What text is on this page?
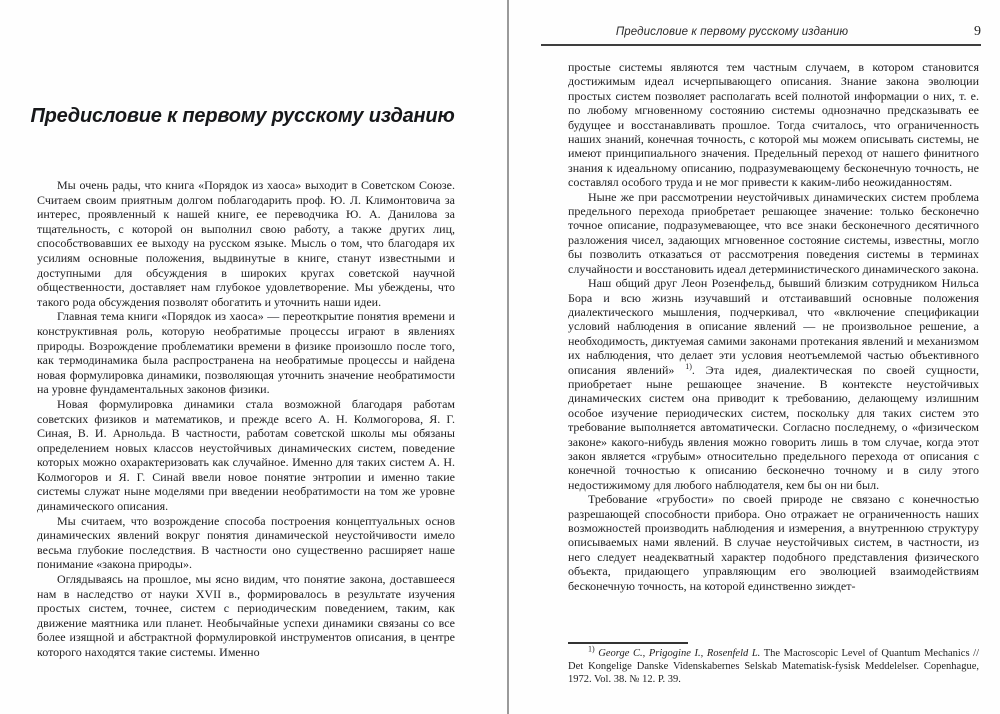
Предисловие к первому русскому изданию

Мы очень рады, что книга «Порядок из хаоса» выходит в Советском Союзе. Считаем своим приятным долгом поблагодарить проф. Ю. Л. Климонтовича за интерес, проявленный к нашей книге, ее переводчика Ю. А. Данилова за тщательность, с которой он выполнил свою работу, а также других лиц, способствовавших ее выходу на русском языке. Мысль о том, что благодаря их усилиям основные положения, выдвинутые в книге, станут известными и доступными для обсуждения в широких кругах советской научной общественности, доставляет нам глубокое удовлетворение. Мы убеждены, что такого рода обсуждения позволят обогатить и уточнить наши идеи.

Главная тема книги «Порядок из хаоса» — переоткрытие понятия времени и конструктивная роль, которую необратимые процессы играют в явлениях природы. Возрождение проблематики времени в физике произошло после того, как термодинамика была распространена на необратимые процессы и найдена новая формулировка динамики, позволяющая уточнить значение необратимости на уровне фундаментальных законов физики.

Новая формулировка динамики стала возможной благодаря работам советских физиков и математиков, и прежде всего А. Н. Колмогорова, Я. Г. Синая, В. И. Арнольда. В частности, работам советской школы мы обязаны определением новых классов неустойчивых динамических систем, поведение которых можно охарактеризовать как случайное. Именно для таких систем А. Н. Колмогоров и Я. Г. Синай ввели новое понятие энтропии и именно такие системы служат ныне моделями при введении необратимости на том же уровне динамического описания.

Мы считаем, что возрождение способа построения концептуальных основ динамических явлений вокруг понятия динамической неустойчивости имело весьма глубокие последствия. В частности оно существенно расширяет наше понимание «закона природы».

Оглядываясь на прошлое, мы ясно видим, что понятие закона, доставшееся нам в наследство от науки XVII в., формировалось в результате изучения простых систем, точнее, систем с периодическим поведением, таким, как движение маятника или планет. Необычайные успехи динамики связаны со все более изящной и абстрактной формулировкой инструментов описания, в центре которого находятся такие системы. Именно

Предисловие к первому русскому изданию	9

простые системы являются тем частным случаем, в котором становится достижимым идеал исчерпывающего описания. Знание закона эволюции простых систем позволяет располагать всей полнотой информации о них, т. е. по любому мгновенному состоянию системы однозначно предсказывать ее будущее и восстанавливать прошлое. Тогда считалось, что ограниченность наших знаний, конечная точность, с которой мы можем описывать системы, не имеют принципиального значения. Предельный переход от нашего финитного знания к идеальному описанию, подразумевающему бесконечную точность, не составлял особого труда и не мог привести к каким-либо неожиданностям.

Ныне же при рассмотрении неустойчивых динамических систем проблема предельного перехода приобретает решающее значение: только бесконечно точное описание, подразумевающее, что все знаки бесконечного десятичного разложения чисел, задающих мгновенное состояние системы, известны, могло бы позволить отказаться от рассмотрения поведения системы в терминах случайности и восстановить идеал детерминистического динамического закона.

Наш общий друг Леон Розенфельд, бывший близким сотрудником Нильса Бора и всю жизнь изучавший и отстаивавший основные положения диалектического мышления, подчеркивал, что «включение спецификации условий наблюдения в описание явлений — не произвольное решение, а необходимость, диктуемая самими законами протекания явлений и механизмом их наблюдения, что делает эти условия неотъемлемой частью объективного описания явлений» $^{1)}$. Эта идея, диалектическая по своей сущности, приобретает ныне решающее значение. В контексте неустойчивых динамических систем она приводит к требованию, делающему излишним особое изучение периодических систем, поскольку для таких систем это требование выполняется автоматически. Согласно последнему, о «физическом законе» какого-нибудь явления можно говорить лишь в том случае, когда этот закон является «грубым» относительно предельного перехода от описания с конечной точностью к описанию бесконечно точному и в силу этого недостижимому для любого наблюдателя, кем бы он ни был.

Требование «грубости» по своей природе не связано с конечностью разрешающей способности прибора. Оно отражает не ограниченность наших возможностей производить наблюдения и измерения, а внутреннюю структуру описываемых нами явлений. В случае неустойчивых систем, в частности, из него следует неадекватный характер подобного представления физического объекта, придающего управляющим его эволюцией взаимодействиям бесконечную точность, на которой единственно зиждет-

$^{1)}$ George C., Prigogine I., Rosenfeld L. The Macroscopic Level of Quantum Mechanics // Det Kongelige Danske Videnskabernes Selskab Matematisk-fysisk Meddelelser. Copenhague, 1972. Vol. 38. № 12. P. 39.
